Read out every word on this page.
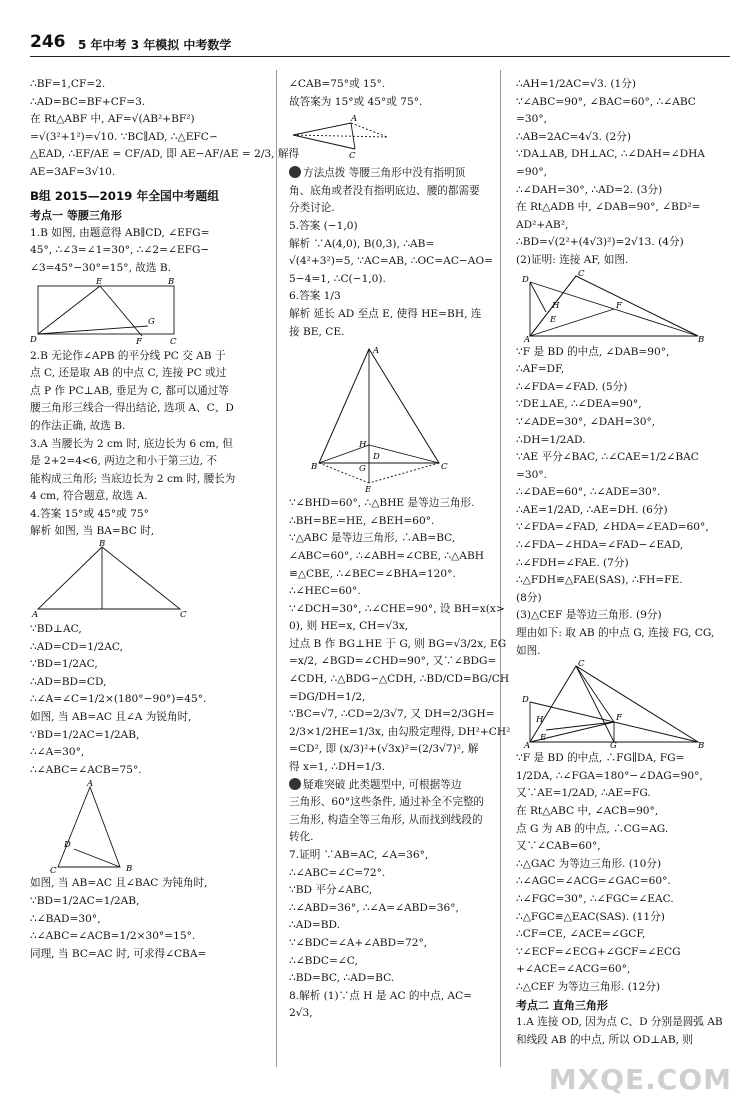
246 5 年中考 3 年模拟 中考数学
∴BF=1,CF=2.
∴AD=BC=BF+CF=3.
在 Rt△ABF 中, AF=√(AB²+BF²)
=√(3²+1²)=√10. ∵BC∥AD, ∴△EFC∽
△EAD, ∴EF/AE = CF/AD, 即 AE−AF/AE = 2/3, 解得
AE=3AF=3√10.
B组 2015—2019 年全国中考题组
考点一 等腰三角形
1.B 如图, 由题意得 AB∥CD, ∠EFG=
45°, ∴∠3=∠1=30°, ∴∠2=∠EFG−
∠3=45°−30°=15°, 故选 B.
B
E
D
G
F	C
2.B 无论作∠APB 的平分线 PC 交 AB 于
点 C, 还是取 AB 的中点 C, 连接 PC 或过
点 P 作 PC⊥AB, 垂足为 C, 都可以通过等
腰三角形三线合一得出结论, 选项 A、C、D
的作法正确, 故选 B.
3.A 当腰长为 2 cm 时, 底边长为 6 cm, 但
是 2+2=4<6, 两边之和小于第三边, 不
能构成三角形; 当底边长为 2 cm 时, 腰长为
4 cm, 符合题意, 故选 A.
4.答案 15°或 45°或 75°
解析 如图, 当 BA=BC 时,
B
A	C
∵BD⊥AC,
∴AD=CD=1/2AC,
∵BD=1/2AC,
∴AD=BD=CD,
∴∠A=∠C=1/2×(180°−90°)=45°.
如图, 当 AB=AC 且∠A 为锐角时,
∵BD=1/2AC=1/2AB,
∴∠A=30°,
∴∠ABC=∠ACB=75°.
B
A
D
C
如图, 当 AB=AC 且∠BAC 为钝角时,
∵BD=1/2AC=1/2AB,
∴∠BAD=30°,
∴∠ABC=∠ACB=1/2×30°=15°.
同理, 当 BC=AC 时, 可求得∠CBA=
∠CAB=75°或 15°.
故答案为 15°或 45°或 75°.
A
C
方法点拨 等腰三角形中没有指明顶
角、底角或者没有指明底边、腰的都需要
分类讨论.
5.答案 (−1,0)
解析 ∵A(4,0), B(0,3), ∴AB=
√(4²+3²)=5, ∵AC=AB, ∴OC=AC−AO=
5−4=1, ∴C(−1,0).
6.答案 1/3
解析 延长 AD 至点 E, 使得 HE=BH, 连
接 BE, CE.
A
B	C
H
D
G
E
∵∠BHD=60°, ∴△BHE 是等边三角形.
∴BH=BE=HE, ∠BEH=60°.
∵△ABC 是等边三角形, ∴AB=BC,
∠ABC=60°, ∴∠ABH=∠CBE, ∴△ABH
≌△CBE, ∴∠BEC=∠BHA=120°.
∴∠HEC=60°.
∵∠DCH=30°, ∴∠CHE=90°, 设 BH=x(x>
0), 则 HE=x, CH=√3x,
过点 B 作 BG⊥HE 于 G, 则 BG=√3/2x, EG
=x/2, ∠BGD=∠CHD=90°, 又∵∠BDG=
∠CDH, ∴△BDG∽△CDH, ∴BD/CD=BG/CH
=DG/DH=1/2,
∵BC=√7, ∴CD=2/3√7, 又 DH=2/3GH=
2/3×1/2HE=1/3x, 由勾股定理得, DH²+CH²
=CD², 即 (x/3)²+(√3x)²=(2/3√7)², 解
得 x=1, ∴DH=1/3.
疑难突破 此类题型中, 可根据等边
三角形、60°这些条件, 通过补全不完整的
三角形, 构造全等三角形, 从而找到线段的
转化.
7.证明 ∵AB=AC, ∠A=36°,
∴∠ABC=∠C=72°.
∵BD 平分∠ABC,
∴∠ABD=36°, ∴∠A=∠ABD=36°,
∴AD=BD.
∵∠BDC=∠A+∠ABD=72°,
∴∠BDC=∠C,
∴BD=BC, ∴AD=BC.
8.解析 (1)∵点 H 是 AC 的中点, AC=
2√3,
∴AH=1/2AC=√3. (1分)
∵∠ABC=90°, ∠BAC=60°, ∴∠ABC
=30°,
∴AB=2AC=4√3. (2分)
∵DA⊥AB, DH⊥AC, ∴∠DAH=∠DHA
=90°,
∴∠DAH=30°, ∴AD=2. (3分)
在 Rt△ADB 中, ∠DAB=90°, ∠BD²=
AD²+AB²,
∴BD=√(2²+(4√3)²)=2√13. (4分)
(2)证明: 连接 AF, 如图.
D
H	F
E
A	B
C
∵F 是 BD 的中点, ∠DAB=90°,
∴AF=DF,
∴∠FDA=∠FAD. (5分)
∵DE⊥AE, ∴∠DEA=90°,
∵∠ADE=30°, ∠DAH=30°,
∴DH=1/2AD.
∵AE 平分∠BAC, ∴∠CAE=1/2∠BAC
=30°.
∴∠DAE=60°, ∴∠ADE=30°.
∴AE=1/2AD, ∴AE=DH. (6分)
∵∠FDA=∠FAD, ∠HDA=∠EAD=60°,
∴∠FDA−∠HDA=∠FAD−∠EAD,
∴∠FDH=∠FAE. (7分)
∴△FDH≌△FAE(SAS), ∴FH=FE.
(8分)
(3)△CEF 是等边三角形. (9分)
理由如下: 取 AB 的中点 G, 连接 FG, CG,
如图.
D
H	F
E
A	G	B
C
∵F 是 BD 的中点, ∴FG∥DA, FG=
1/2DA, ∴∠FGA=180°−∠DAG=90°,
又∵AE=1/2AD, ∴AE=FG.
在 Rt△ABC 中, ∠ACB=90°,
点 G 为 AB 的中点, ∴CG=AG.
又∵∠CAB=60°,
∴△GAC 为等边三角形. (10分)
∴∠AGC=∠ACG=∠GAC=60°.
∴∠FGC=30°, ∴∠FGC=∠EAC.
∴△FGC≌△EAC(SAS). (11分)
∴CF=CE, ∠ACE=∠GCF,
∵∠ECF=∠ECG+∠GCF=∠ECG
+∠ACE=∠ACG=60°,
∴△CEF 为等边三角形. (12分)
考点二 直角三角形
1.A 连接 OD, 因为点 C、D 分别是圆弧 AB
和线段 AB 的中点, 所以 OD⊥AB, 则
MXQE.COM
